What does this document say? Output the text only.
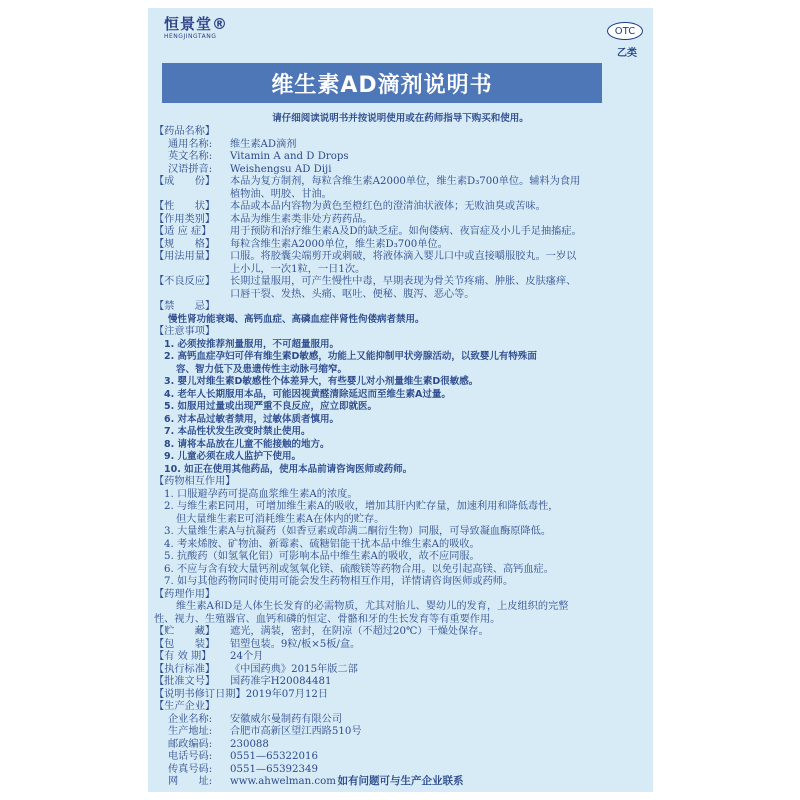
恒景堂®
HENGJINGTANG	OTC
乙类
维生素AD滴剂说明书
请仔细阅读说明书并按说明使用或在药师指导下购买和使用。
【药品名称】
通用名称:	维生素AD滴剂
英文名称:	Vitamin A and D Drops
汉语拼音:	Weishengsu AD Diji
【成　　份】	本品为复方制剂，每粒含维生素A2000单位，维生素D₃700单位。辅料为食用
植物油、明胶、甘油。
【性　　状】	本品或本品内容物为黄色至橙红色的澄清油状液体；无败油臭或苦味。
【作用类别】	本品为维生素类非处方药药品。
【适 应 症】	用于预防和治疗维生素A及D的缺乏症。如佝偻病、夜盲症及小儿手足抽搐症。
【规　　格】	每粒含维生素A2000单位，维生素D₃700单位。
【用法用量】	口服。将胶囊尖端剪开或刺破，将液体滴入婴儿口中或直接嚼服胶丸。一岁以
上小儿，一次1粒，一日1次。
【不良反应】	长期过量服用，可产生慢性中毒，早期表现为骨关节疼痛、肿胀、皮肤瘙痒、
口唇干裂、发热、头痛、呕吐、便秘、腹泻、恶心等。
【禁　　忌】
慢性肾功能衰竭、高钙血症、高磷血症伴肾性佝偻病者禁用。
【注意事项】
1. 必须按推荐剂量服用，不可超量服用。
2. 高钙血症孕妇可伴有维生素D敏感，功能上又能抑制甲状旁腺活动，以致婴儿有特殊面
容、智力低下及患遗传性主动脉弓缩窄。
3. 婴儿对维生素D敏感性个体差异大，有些婴儿对小剂量维生素D很敏感。
4. 老年人长期服用本品，可能因视黄醛清除延迟而至维生素A过量。
5. 如服用过量或出现严重不良反应，应立即就医。
6. 对本品过敏者禁用，过敏体质者慎用。
7. 本品性状发生改变时禁止使用。
8. 请将本品放在儿童不能接触的地方。
9. 儿童必须在成人监护下使用。
10. 如正在使用其他药品，使用本品前请咨询医师或药师。
【药物相互作用】
1. 口服避孕药可提高血浆维生素A的浓度。
2. 与维生素E同用，可增加维生素A的吸收，增加其肝内贮存量，加速利用和降低毒性，
但大量维生素E可消耗维生素A在体内的贮存。
3. 大量维生素A与抗凝药（如香豆素或茚满二酮衍生物）同服，可导致凝血酶原降低。
4. 考来烯胺、矿物油、新霉素、硫糖铝能干扰本品中维生素A的吸收。
5. 抗酸药（如氢氧化铝）可影响本品中维生素A的吸收，故不应同服。
6. 不应与含有较大量钙剂或氢氧化镁、硫酸镁等药物合用。以免引起高镁、高钙血症。
7. 如与其他药物同时使用可能会发生药物相互作用，详情请咨询医师或药师。
【药理作用】
维生素A和D是人体生长发育的必需物质，尤其对胎儿、婴幼儿的发育，上皮组织的完整
性、视力、生殖器官、血钙和磷的恒定、骨骼和牙的生长发育等有重要作用。
【贮　　藏】	遮光，满装，密封，在阴凉（不超过20℃）干燥处保存。
【包　　装】	铝塑包装。9粒/板×5板/盒。
【有 效 期】	24个月
【执行标准】	《中国药典》2015年版二部
【批准文号】	国药准字H20084481
【说明书修订日期】 2019年07月12日
【生产企业】
企业名称:	安徽威尔曼制药有限公司
生产地址:	合肥市高新区望江西路510号
邮政编码:	230088
电话号码:	0551—65322016
传真号码:	0551—65392349
网　　址:	www.ahwelman.com 如有问题可与生产企业联系
